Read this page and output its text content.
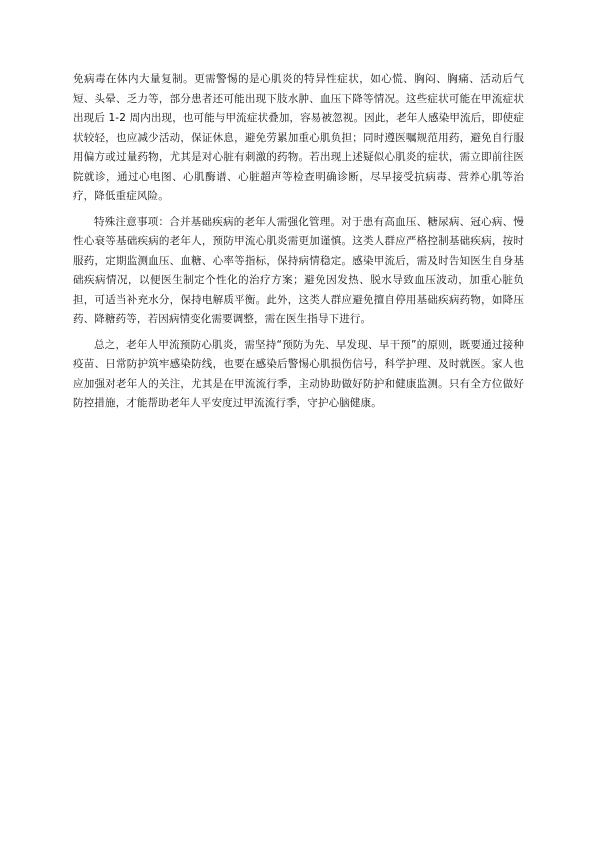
免病毒在体内大量复制。更需警惕的是心肌炎的特异性症状，如心慌、胸闷、胸痛、活动后气短、头晕、乏力等，部分患者还可能出现下肢水肿、血压下降等情况。这些症状可能在甲流症状出现后 1-2 周内出现，也可能与甲流症状叠加，容易被忽视。因此，老年人感染甲流后，即使症状较轻，也应减少活动，保证休息，避免劳累加重心肌负担；同时遵医嘱规范用药，避免自行服用偏方或过量药物，尤其是对心脏有刺激的药物。若出现上述疑似心肌炎的症状，需立即前往医院就诊，通过心电图、心肌酶谱、心脏超声等检查明确诊断，尽早接受抗病毒、营养心肌等治疗，降低重症风险。

特殊注意事项：合并基础疾病的老年人需强化管理。对于患有高血压、糖尿病、冠心病、慢性心衰等基础疾病的老年人，预防甲流心肌炎需更加谨慎。这类人群应严格控制基础疾病，按时服药，定期监测血压、血糖、心率等指标，保持病情稳定。感染甲流后，需及时告知医生自身基础疾病情况，以便医生制定个性化的治疗方案；避免因发热、脱水导致血压波动，加重心脏负担，可适当补充水分，保持电解质平衡。此外，这类人群应避免擅自停用基础疾病药物，如降压药、降糖药等，若因病情变化需要调整，需在医生指导下进行。

总之，老年人甲流预防心肌炎，需坚持“预防为先、早发现、早干预”的原则，既要通过接种疫苗、日常防护筑牢感染防线，也要在感染后警惕心肌损伤信号，科学护理、及时就医。家人也应加强对老年人的关注，尤其是在甲流流行季，主动协助做好防护和健康监测。只有全方位做好防控措施，才能帮助老年人平安度过甲流流行季，守护心脑健康。
